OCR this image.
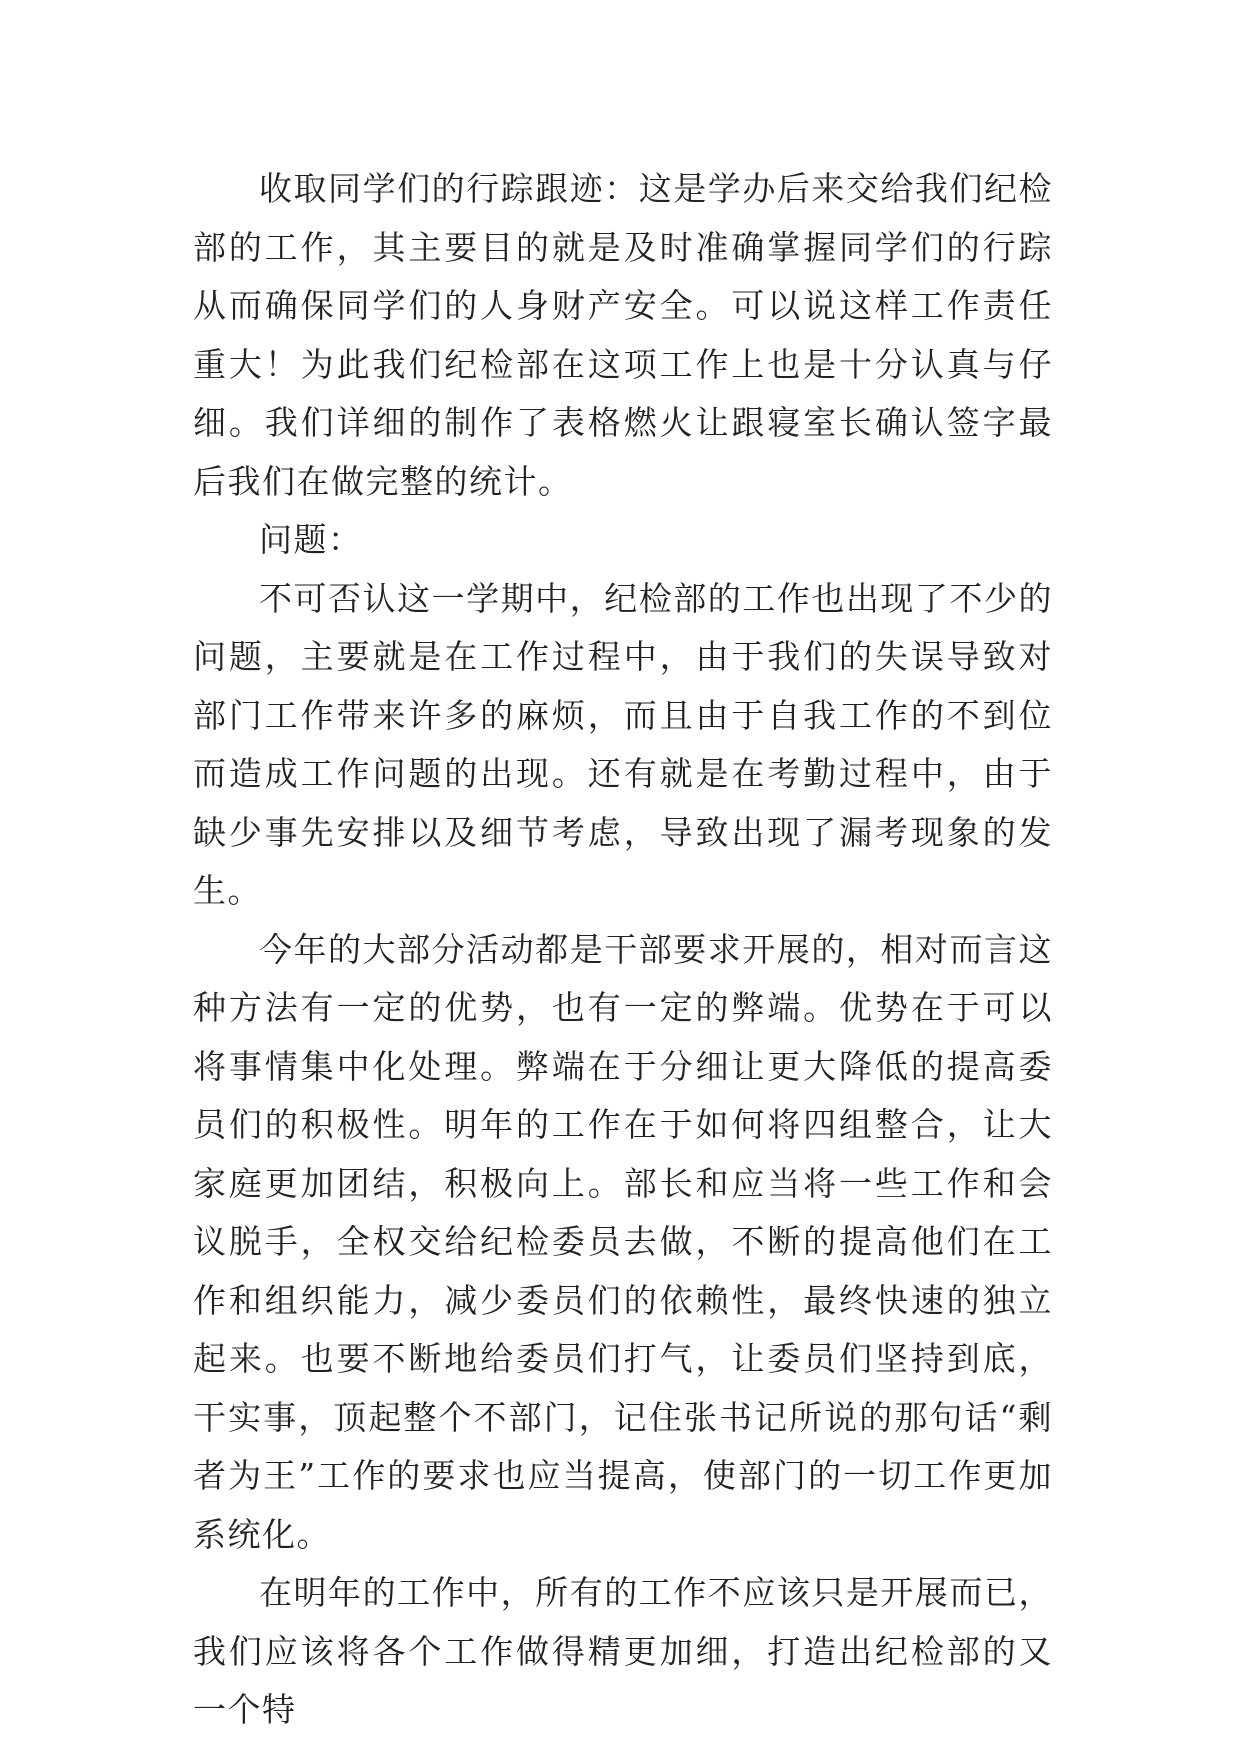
收取同学们的行踪跟迹：这是学办后来交给我们纪检部的工作，其主要目的就是及时准确掌握同学们的行踪从而确保同学们的人身财产安全。可以说这样工作责任重大！为此我们纪检部在这项工作上也是十分认真与仔细。我们详细的制作了表格燃火让跟寝室长确认签字最后我们在做完整的统计。

问题：

不可否认这一学期中，纪检部的工作也出现了不少的问题，主要就是在工作过程中，由于我们的失误导致对部门工作带来许多的麻烦，而且由于自我工作的不到位而造成工作问题的出现。还有就是在考勤过程中，由于缺少事先安排以及细节考虑，导致出现了漏考现象的发生。

今年的大部分活动都是干部要求开展的，相对而言这种方法有一定的优势，也有一定的弊端。优势在于可以将事情集中化处理。弊端在于分细让更大降低的提高委员们的积极性。明年的工作在于如何将四组整合，让大家庭更加团结，积极向上。部长和应当将一些工作和会议脱手，全权交给纪检委员去做，不断的提高他们在工作和组织能力，减少委员们的依赖性，最终快速的独立起来。也要不断地给委员们打气，让委员们坚持到底，干实事，顶起整个不部门，记住张书记所说的那句话“剩者为王”工作的要求也应当提高，使部门的一切工作更加系统化。

在明年的工作中，所有的工作不应该只是开展而已，我们应该将各个工作做得精更加细，打造出纪检部的又一个特
